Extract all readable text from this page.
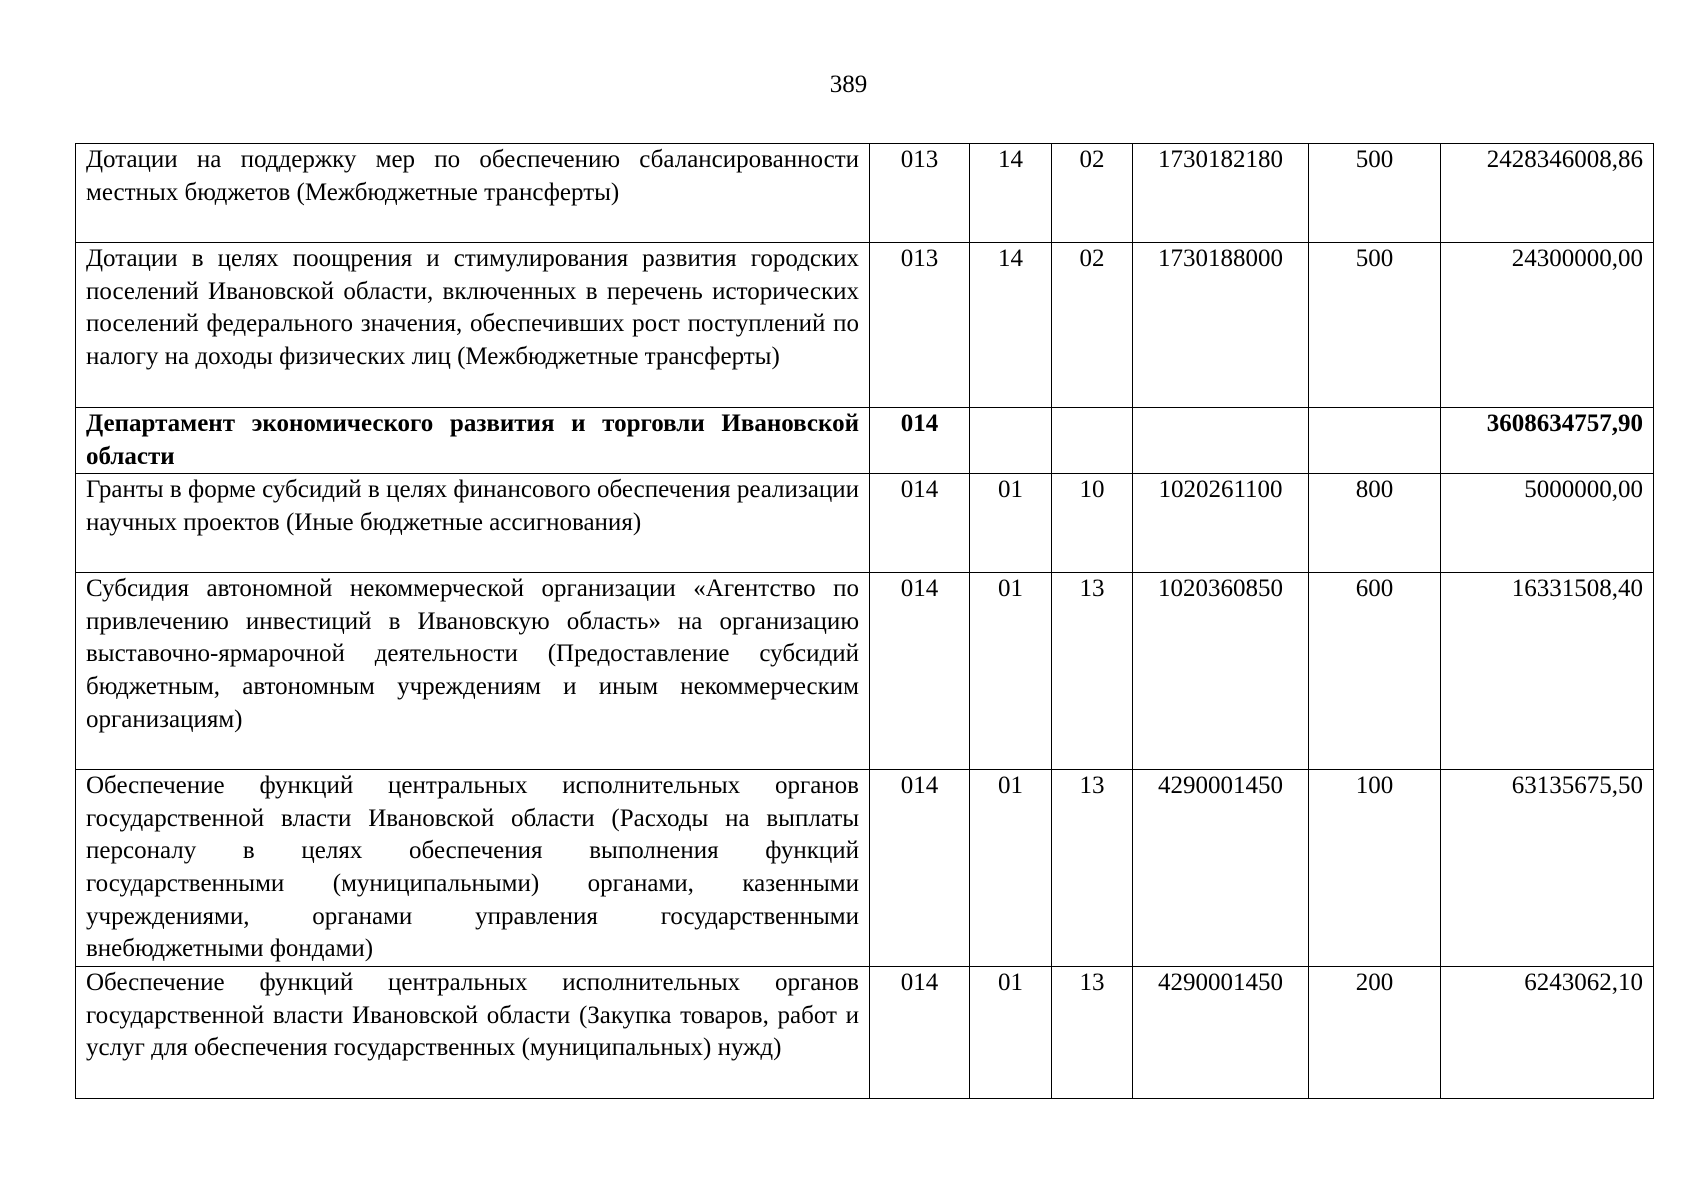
389
Дотации на поддержку мер по обеспечению сбалансированности местных бюджетов (Межбюджетные трансферты)	013	14	02	1730182180	500	2428346008,86
Дотации в целях поощрения и стимулирования развития городских поселений Ивановской области, включенных в перечень исторических поселений федерального значения, обеспечивших рост поступлений по налогу на доходы физических лиц (Межбюджетные трансферты)	013	14	02	1730188000	500	24300000,00
Департамент экономического развития и торговли Ивановской области	014					3608634757,90
Гранты в форме субсидий в целях финансового обеспечения реализации научных проектов (Иные бюджетные ассигнования)	014	01	10	1020261100	800	5000000,00
Субсидия автономной некоммерческой организации «Агентство по привлечению инвестиций в Ивановскую область» на организацию выставочно-ярмарочной деятельности (Предоставление субсидий бюджетным, автономным учреждениям и иным некоммерческим организациям)	014	01	13	1020360850	600	16331508,40
Обеспечение функций центральных исполнительных органов государственной власти Ивановской области (Расходы на выплаты персоналу в целях обеспечения выполнения функций государственными (муниципальными) органами, казенными учреждениями, органами управления государственными внебюджетными фондами)	014	01	13	4290001450	100	63135675,50
Обеспечение функций центральных исполнительных органов государственной власти Ивановской области (Закупка товаров, работ и услуг для обеспечения государственных (муниципальных) нужд)	014	01	13	4290001450	200	6243062,10
